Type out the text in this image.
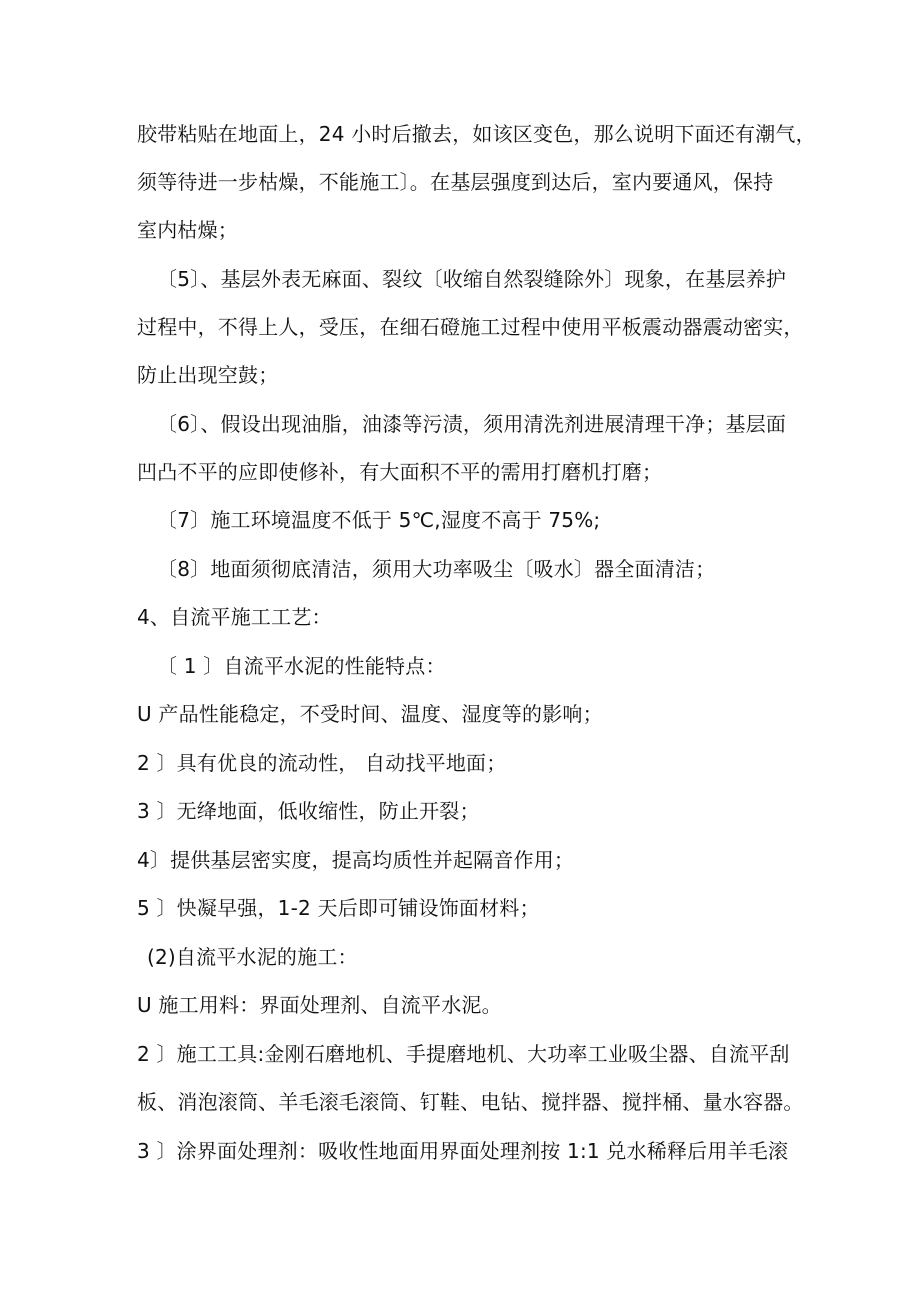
胶带粘贴在地面上，24 小时后撤去，如该区变色，那么说明下面还有潮气，
须等待进一步枯燥，不能施工〕。在基层强度到达后，室内要通风，保持
室内枯燥；
〔5〕、基层外表无麻面、裂纹〔收缩自然裂缝除外〕现象，在基层养护
过程中，不得上人，受压，在细石磴施工过程中使用平板震动器震动密实，
防止出现空鼓；
〔6〕、假设出现油脂，油漆等污渍，须用清洗剂进展清理干净；基层面
凹凸不平的应即使修补，有大面积不平的需用打磨机打磨；
〔7〕施工环境温度不低于 5℃,湿度不高于 75%;
〔8〕地面须彻底清洁，须用大功率吸尘〔吸水〕器全面清洁；
4、自流平施工工艺：
〔 1 〕自流平水泥的性能特点：
U 产品性能稳定，不受时间、温度、湿度等的影响；
2 〕具有优良的流动性， 自动找平地面；
3 〕无绛地面，低收缩性，防止开裂；
4〕提供基层密实度，提高均质性并起隔音作用；
5 〕快凝早强，1-2 天后即可铺设饰面材料；
(2)自流平水泥的施工：
U 施工用料：界面处理剂、自流平水泥。
2 〕施工工具:金刚石磨地机、手提磨地机、大功率工业吸尘器、自流平刮
板、消泡滚筒、羊毛滚毛滚筒、钉鞋、电钻、搅拌器、搅拌桶、量水容器。
3 〕涂界面处理剂：吸收性地面用界面处理剂按 1:1 兑水稀释后用羊毛滚
